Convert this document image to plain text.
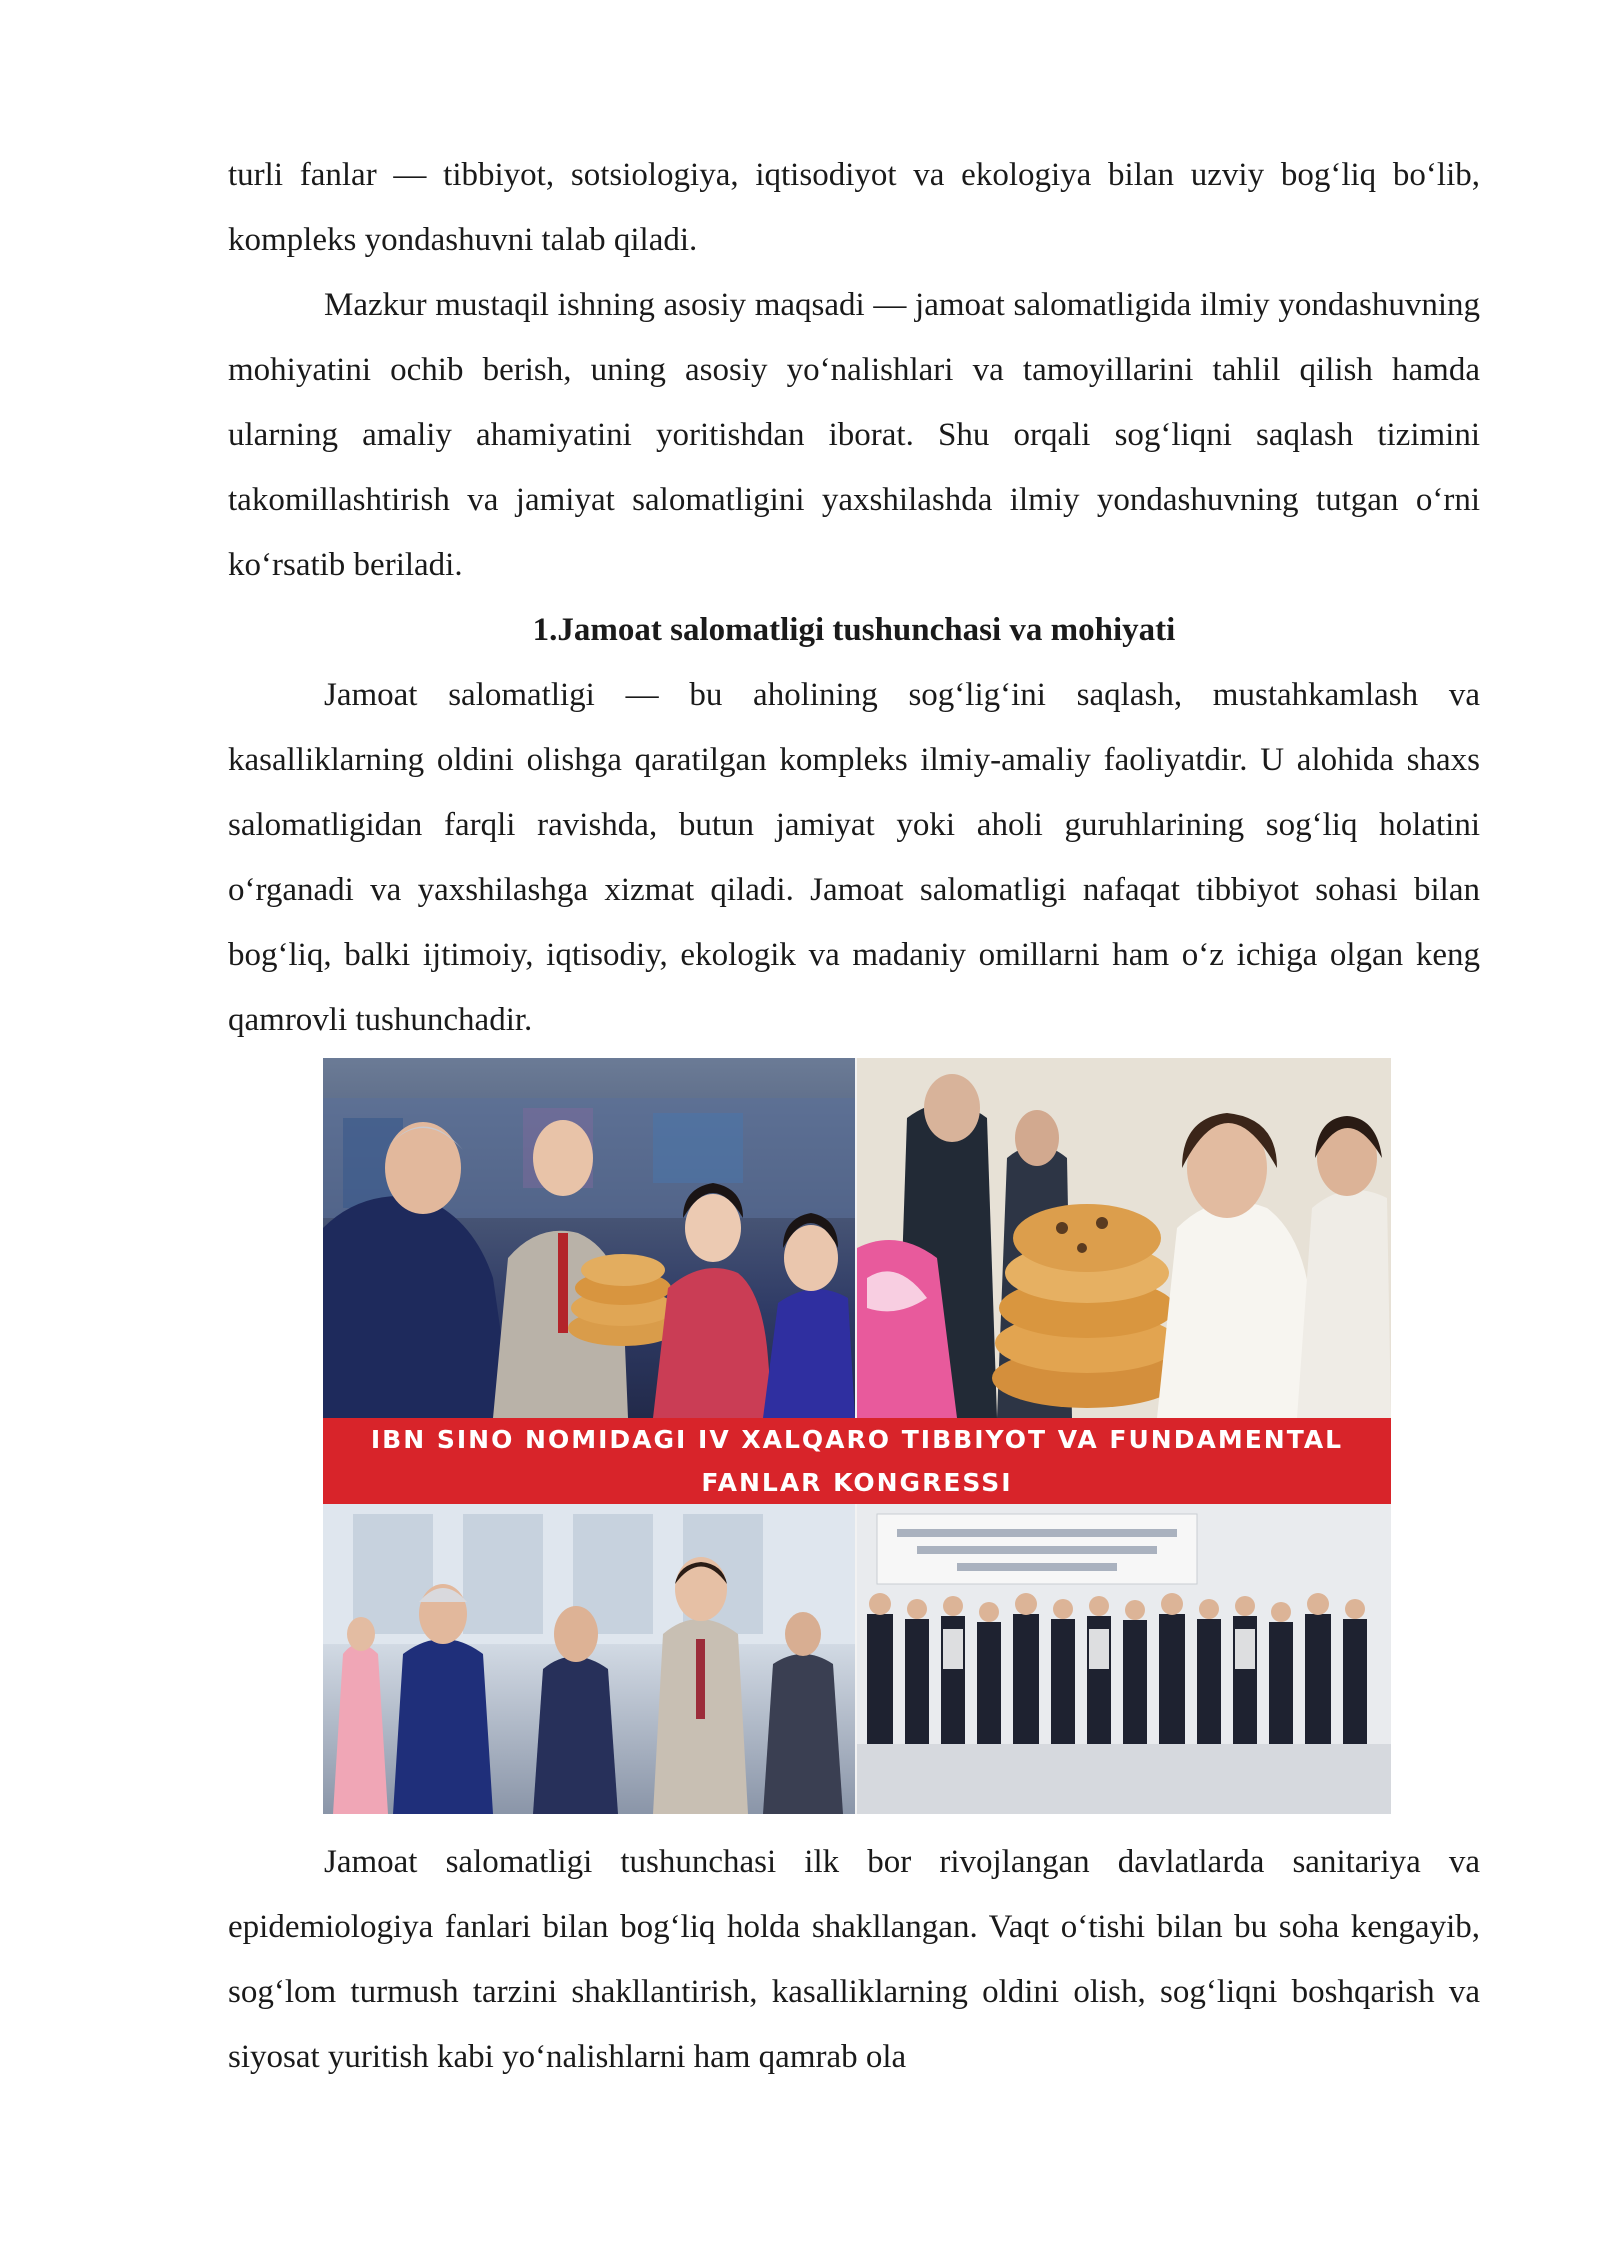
turli fanlar — tibbiyot, sotsiologiya, iqtisodiyot va ekologiya bilan uzviy bog‘liq bo‘lib, kompleks yondashuvni talab qiladi.

Mazkur mustaqil ishning asosiy maqsadi — jamoat salomatligida ilmiy yondashuvning mohiyatini ochib berish, uning asosiy yo‘nalishlari va tamoyillarini tahlil qilish hamda ularning amaliy ahamiyatini yoritishdan iborat. Shu orqali sog‘liqni saqlash tizimini takomillashtirish va jamiyat salomatligini yaxshilashda ilmiy yondashuvning tutgan o‘rni ko‘rsatib beriladi.

1.Jamoat salomatligi tushunchasi va mohiyati

Jamoat salomatligi — bu aholining sog‘lig‘ini saqlash, mustahkamlash va kasalliklarning oldini olishga qaratilgan kompleks ilmiy-amaliy faoliyatdir. U alohida shaxs salomatligidan farqli ravishda, butun jamiyat yoki aholi guruhlarining sog‘liq holatini o‘rganadi va yaxshilashga xizmat qiladi. Jamoat salomatligi nafaqat tibbiyot sohasi bilan bog‘liq, balki ijtimoiy, iqtisodiy, ekologik va madaniy omillarni ham o‘z ichiga olgan keng qamrovli tushunchadir.

IBN SINO NOMIDAGI IV XALQARO TIBBIYOT VA FUNDAMENTAL
FANLAR KONGRESSI

Jamoat salomatligi tushunchasi ilk bor rivojlangan davlatlarda sanitariya va epidemiologiya fanlari bilan bog‘liq holda shakllangan. Vaqt o‘tishi bilan bu soha kengayib, sog‘lom turmush tarzini shakllantirish, kasalliklarning oldini olish, sog‘liqni boshqarish va siyosat yuritish kabi yo‘nalishlarni ham qamrab ola
